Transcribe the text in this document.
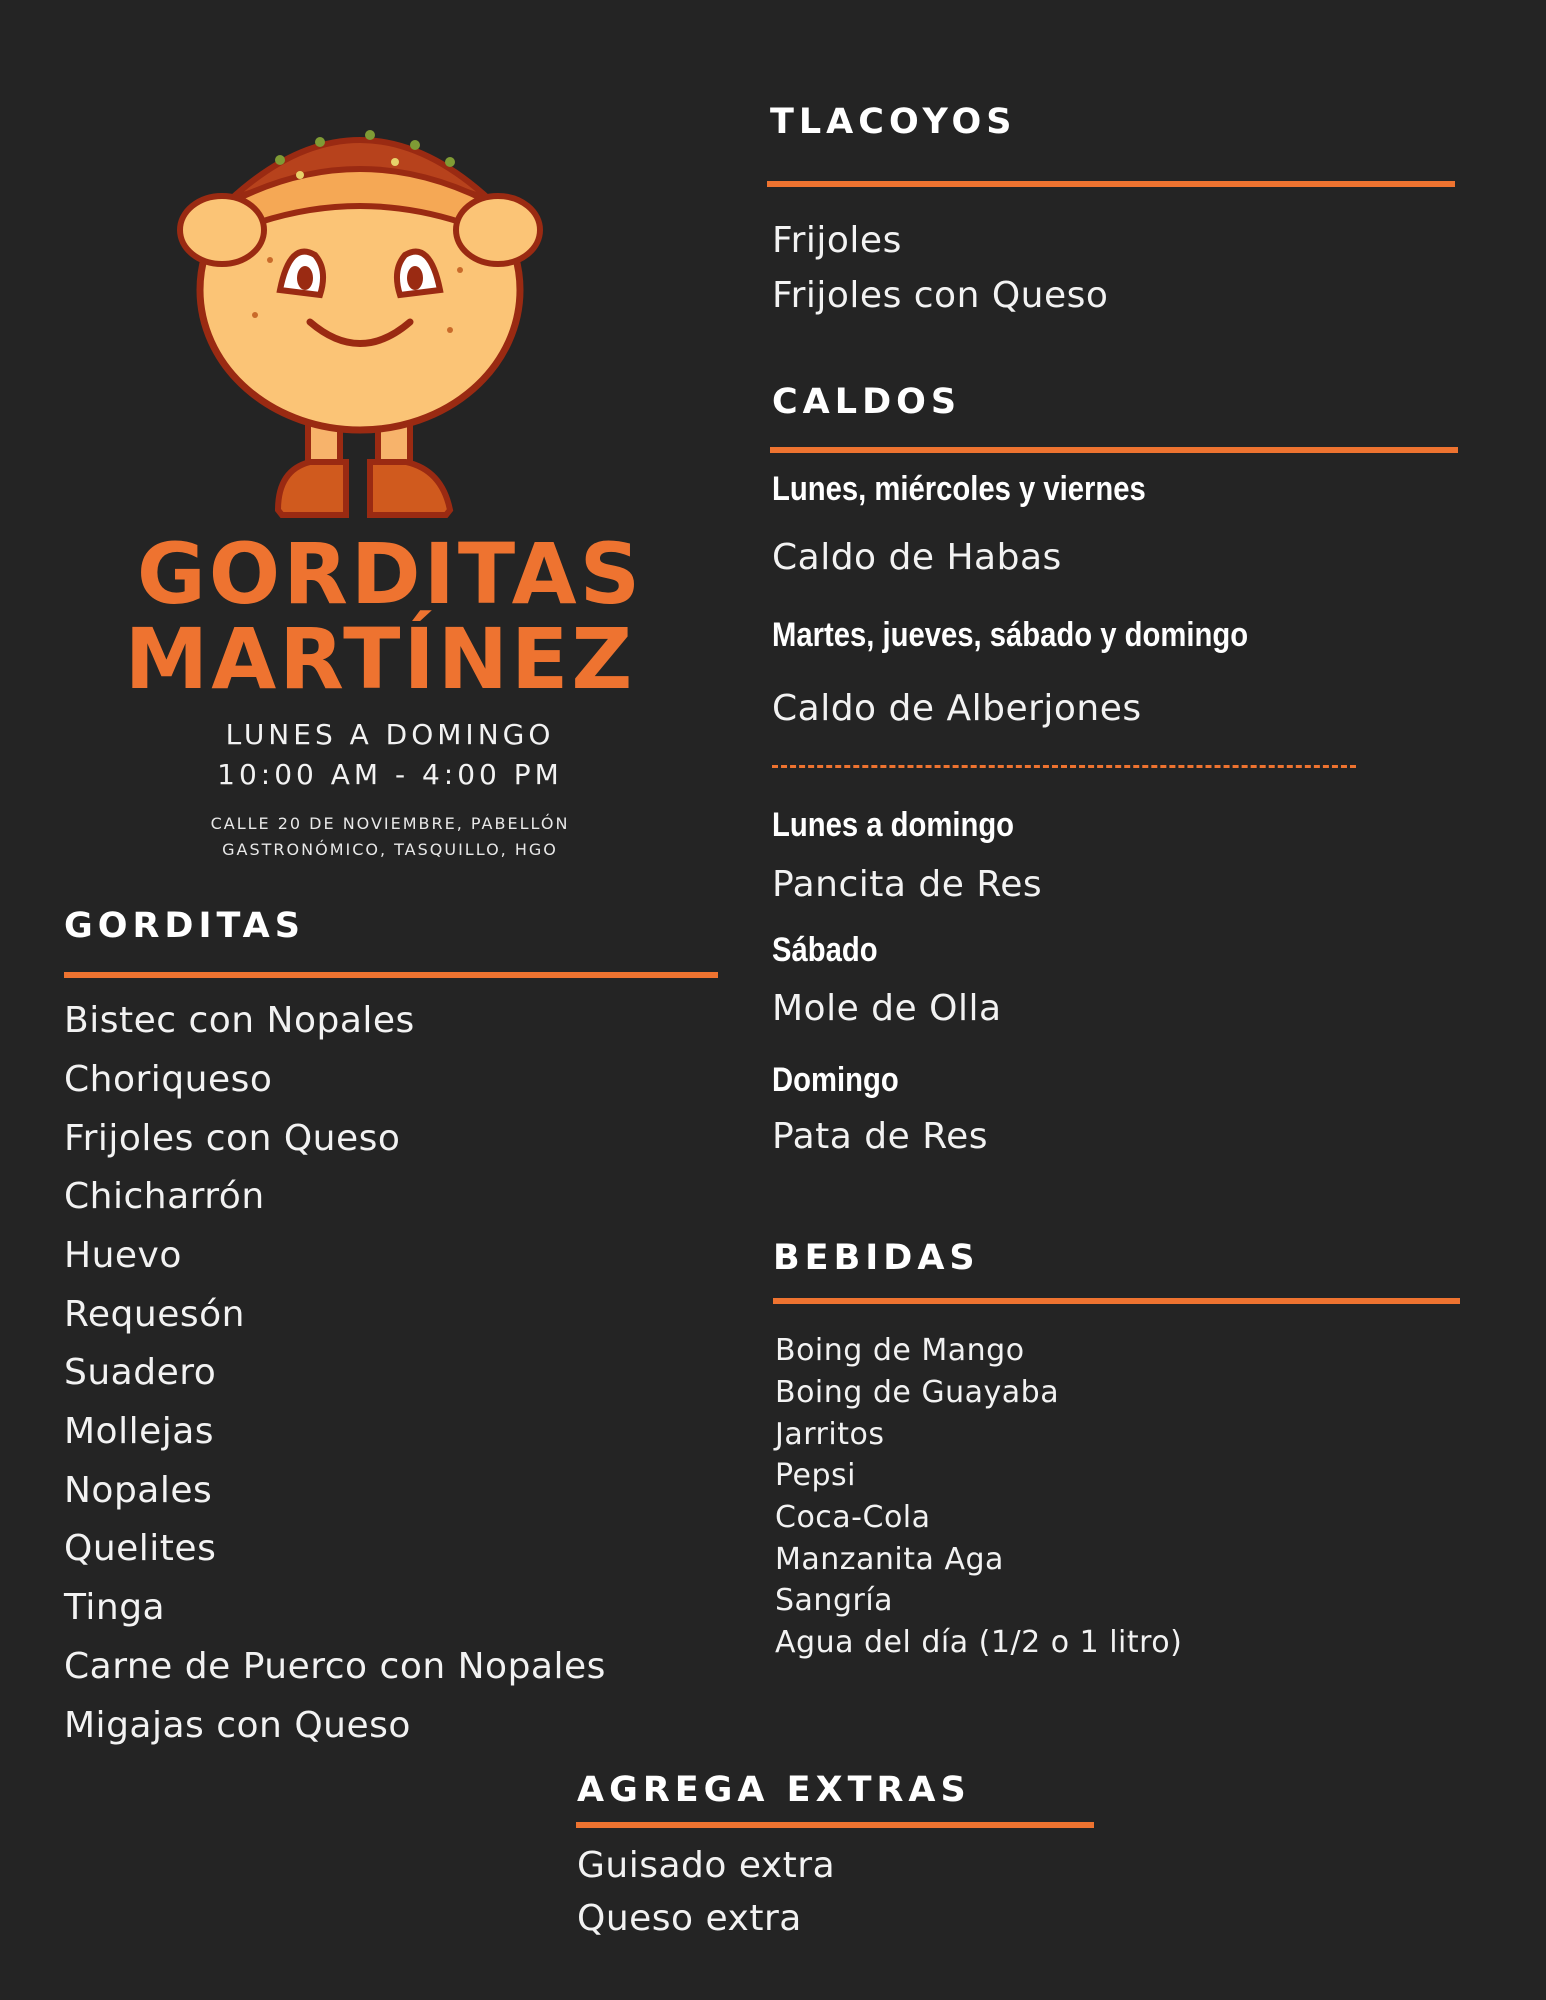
GORDITAS
MARTÍNEZ
LUNES A DOMINGO
10:00 AM - 4:00 PM
CALLE 20 DE NOVIEMBRE, PABELLÓN
GASTRONÓMICO, TASQUILLO, HGO
GORDITAS
Bistec con Nopales
Choriqueso
Frijoles con Queso
Chicharrón
Huevo
Requesón
Suadero
Mollejas
Nopales
Quelites
Tinga
Carne de Puerco con Nopales
Migajas con Queso
TLACOYOS
Frijoles
Frijoles con Queso
CALDOS
Lunes, miércoles y viernes
Caldo de Habas
Martes, jueves, sábado y domingo
Caldo de Alberjones
Lunes a domingo
Pancita de Res
Sábado
Mole de Olla
Domingo
Pata de Res
BEBIDAS
Boing de Mango
Boing de Guayaba
Jarritos
Pepsi
Coca-Cola
Manzanita Aga
Sangría
Agua del día (1/2 o 1 litro)
AGREGA EXTRAS
Guisado extra
Queso extra
